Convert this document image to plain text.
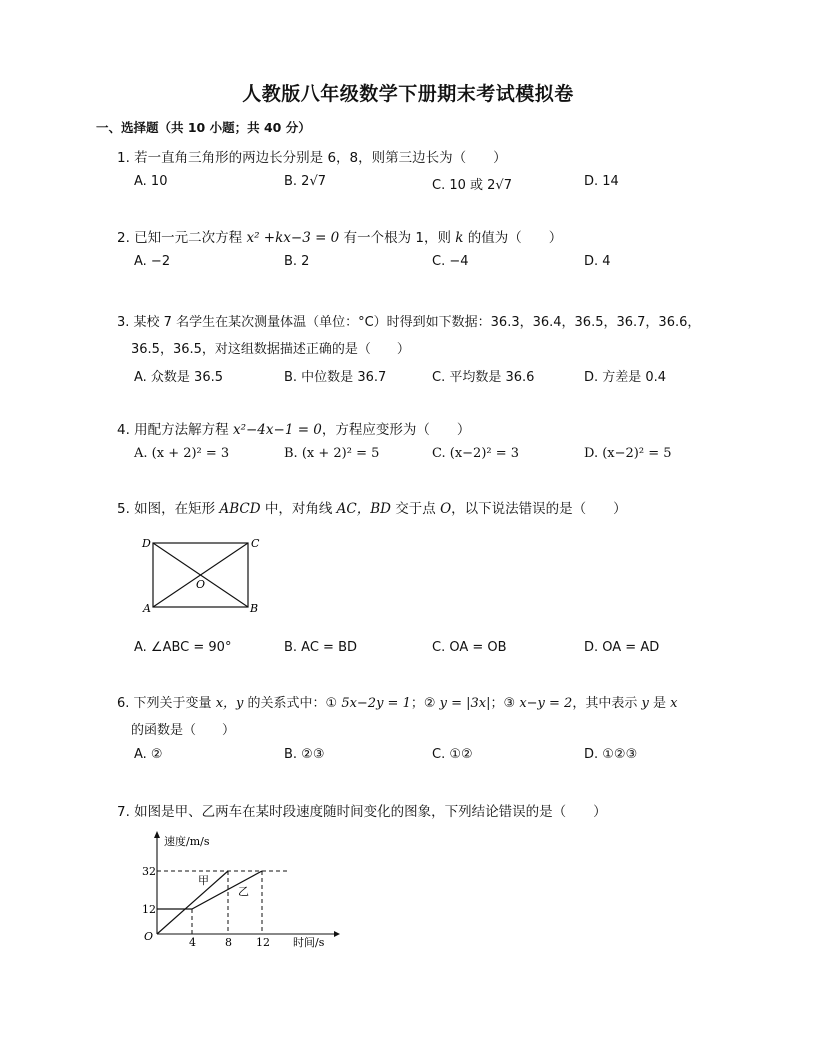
人教版八年级数学下册期末考试模拟卷
一、选择题（共 10 小题；共 40 分）
1. 若一直角三角形的两边长分别是 6，8，则第三边长为（　　）
A. 10	B. 2√7	C. 10 或 2√7	D. 14
2. 已知一元二次方程 x² +kx−3 = 0 有一个根为 1，则 k 的值为（　　）
A. −2	B. 2	C. −4	D. 4
3. 某校 7 名学生在某次测量体温（单位：°C）时得到如下数据：36.3，36.4，36.5，36.7，36.6，
36.5，36.5，对这组数据描述正确的是（　　）
A. 众数是 36.5	B. 中位数是 36.7	C. 平均数是 36.6	D. 方差是 0.4
4. 用配方法解方程 x²−4x−1 = 0，方程应变形为（　　）
A. (x + 2)² = 3	B. (x + 2)² = 5	C. (x−2)² = 3	D. (x−2)² = 5
5. 如图，在矩形 ABCD 中，对角线 AC，BD 交于点 O，以下说法错误的是（　　）
D	C
A	B
O
A. ∠ABC = 90°	B. AC = BD	C. OA = OB	D. OA = AD
6. 下列关于变量 x，y 的关系式中：① 5x−2y = 1；② y = |3x|；③ x−y = 2，其中表示 y 是 x
的函数是（　　）
A. ②	B. ②③	C. ①②	D. ①②③
7. 如图是甲、乙两车在某时段速度随时间变化的图象，下列结论错误的是（　　）
速度/m/s
时间/s
O
32
12
4	8 12
甲
乙
